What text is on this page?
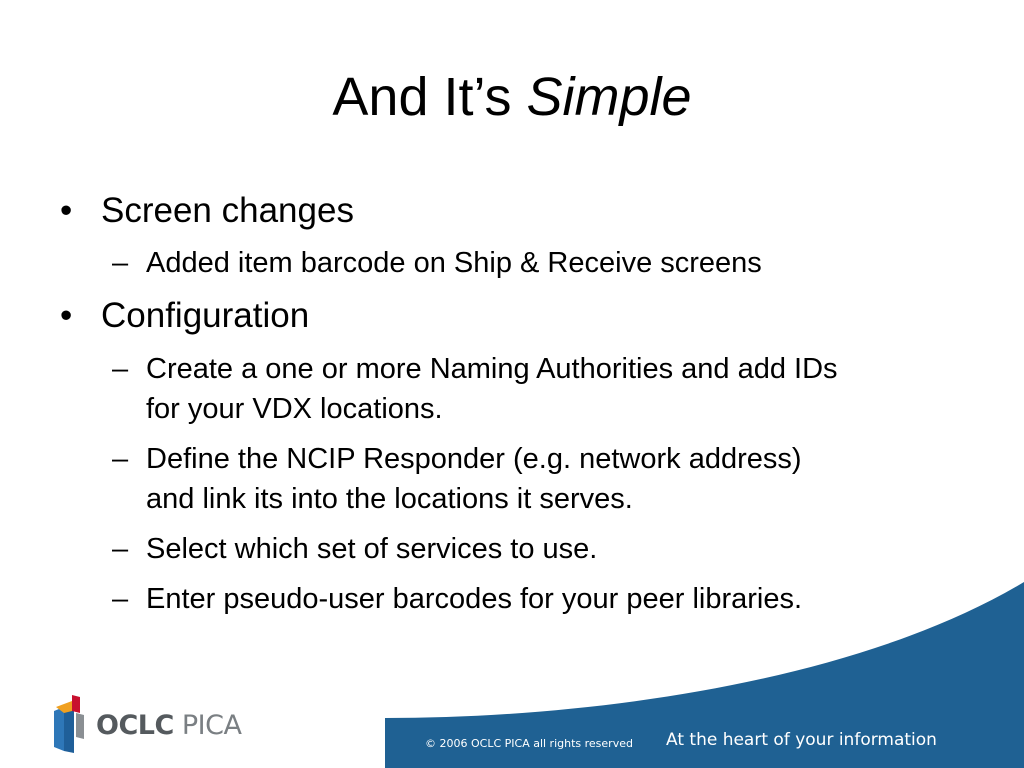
And It’s Simple
• Screen changes
– Added item barcode on Ship & Receive screens
• Configuration
– Create a one or more Naming Authorities and add IDs
for your VDX locations.
– Define the NCIP Responder (e.g. network address)
and link its into the locations it serves.
– Select which set of services to use.
– Enter pseudo-user barcodes for your peer libraries.
© 2006 OCLC PICA all rights reserved At the heart of your information
OCLC PICA
